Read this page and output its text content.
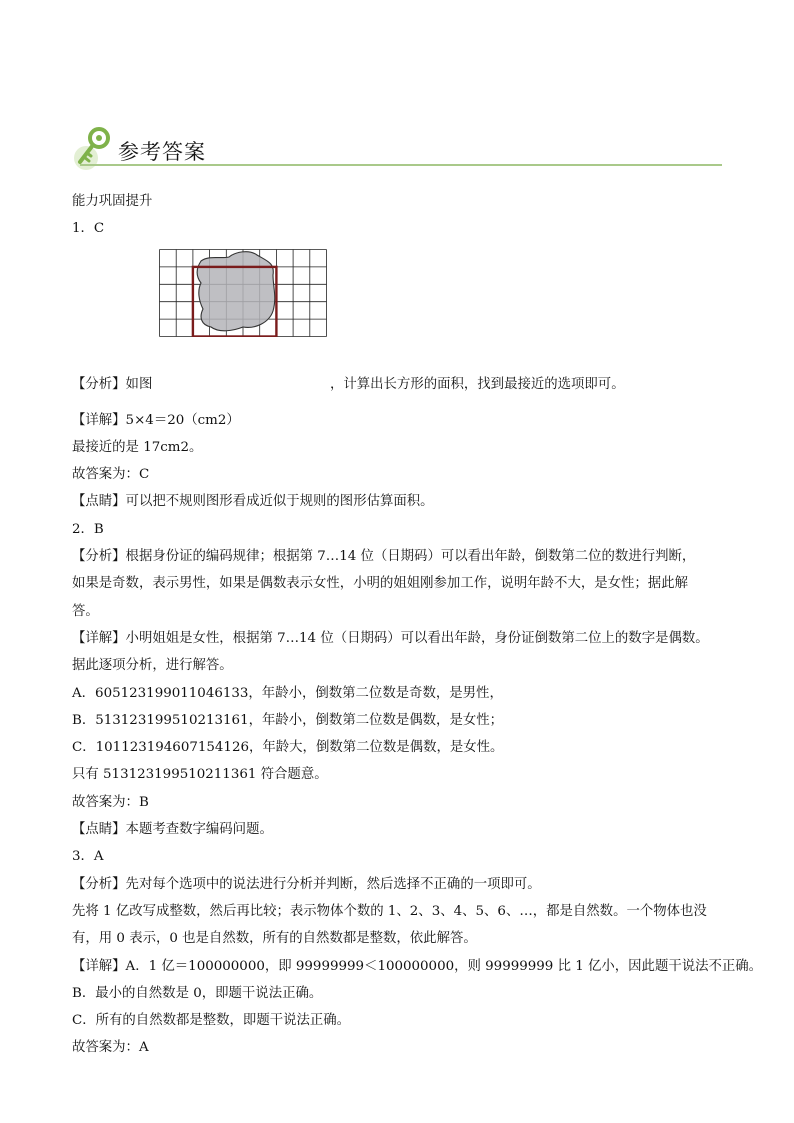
参考答案
能力巩固提升
1．C
【分析】如图	，计算出长方形的面积，找到最接近的选项即可。
【详解】5×4＝20（cm2）
最接近的是 17cm2。
故答案为：C
【点睛】可以把不规则图形看成近似于规则的图形估算面积。
2．B
【分析】根据身份证的编码规律；根据第 7…14 位（日期码）可以看出年龄，倒数第二位的数进行判断，
如果是奇数，表示男性，如果是偶数表示女性，小明的姐姐刚参加工作，说明年龄不大，是女性；据此解
答。
【详解】小明姐姐是女性，根据第 7…14 位（日期码）可以看出年龄，身份证倒数第二位上的数字是偶数。
据此逐项分析，进行解答。
A．605123199011046133，年龄小，倒数第二位数是奇数，是男性，
B．513123199510213161，年龄小，倒数第二位数是偶数，是女性；
C．101123194607154126，年龄大，倒数第二位数是偶数，是女性。
只有 513123199510211361 符合题意。
故答案为：B
【点睛】本题考查数字编码问题。
3．A
【分析】先对每个选项中的说法进行分析并判断，然后选择不正确的一项即可。
先将 1 亿改写成整数，然后再比较；表示物体个数的 1、2、3、4、5、6、…，都是自然数。一个物体也没
有，用 0 表示，0 也是自然数，所有的自然数都是整数，依此解答。
【详解】A．1 亿＝100000000，即 99999999＜100000000，则 99999999 比 1 亿小，因此题干说法不正确。
B．最小的自然数是 0，即题干说法正确。
C．所有的自然数都是整数，即题干说法正确。
故答案为：A
